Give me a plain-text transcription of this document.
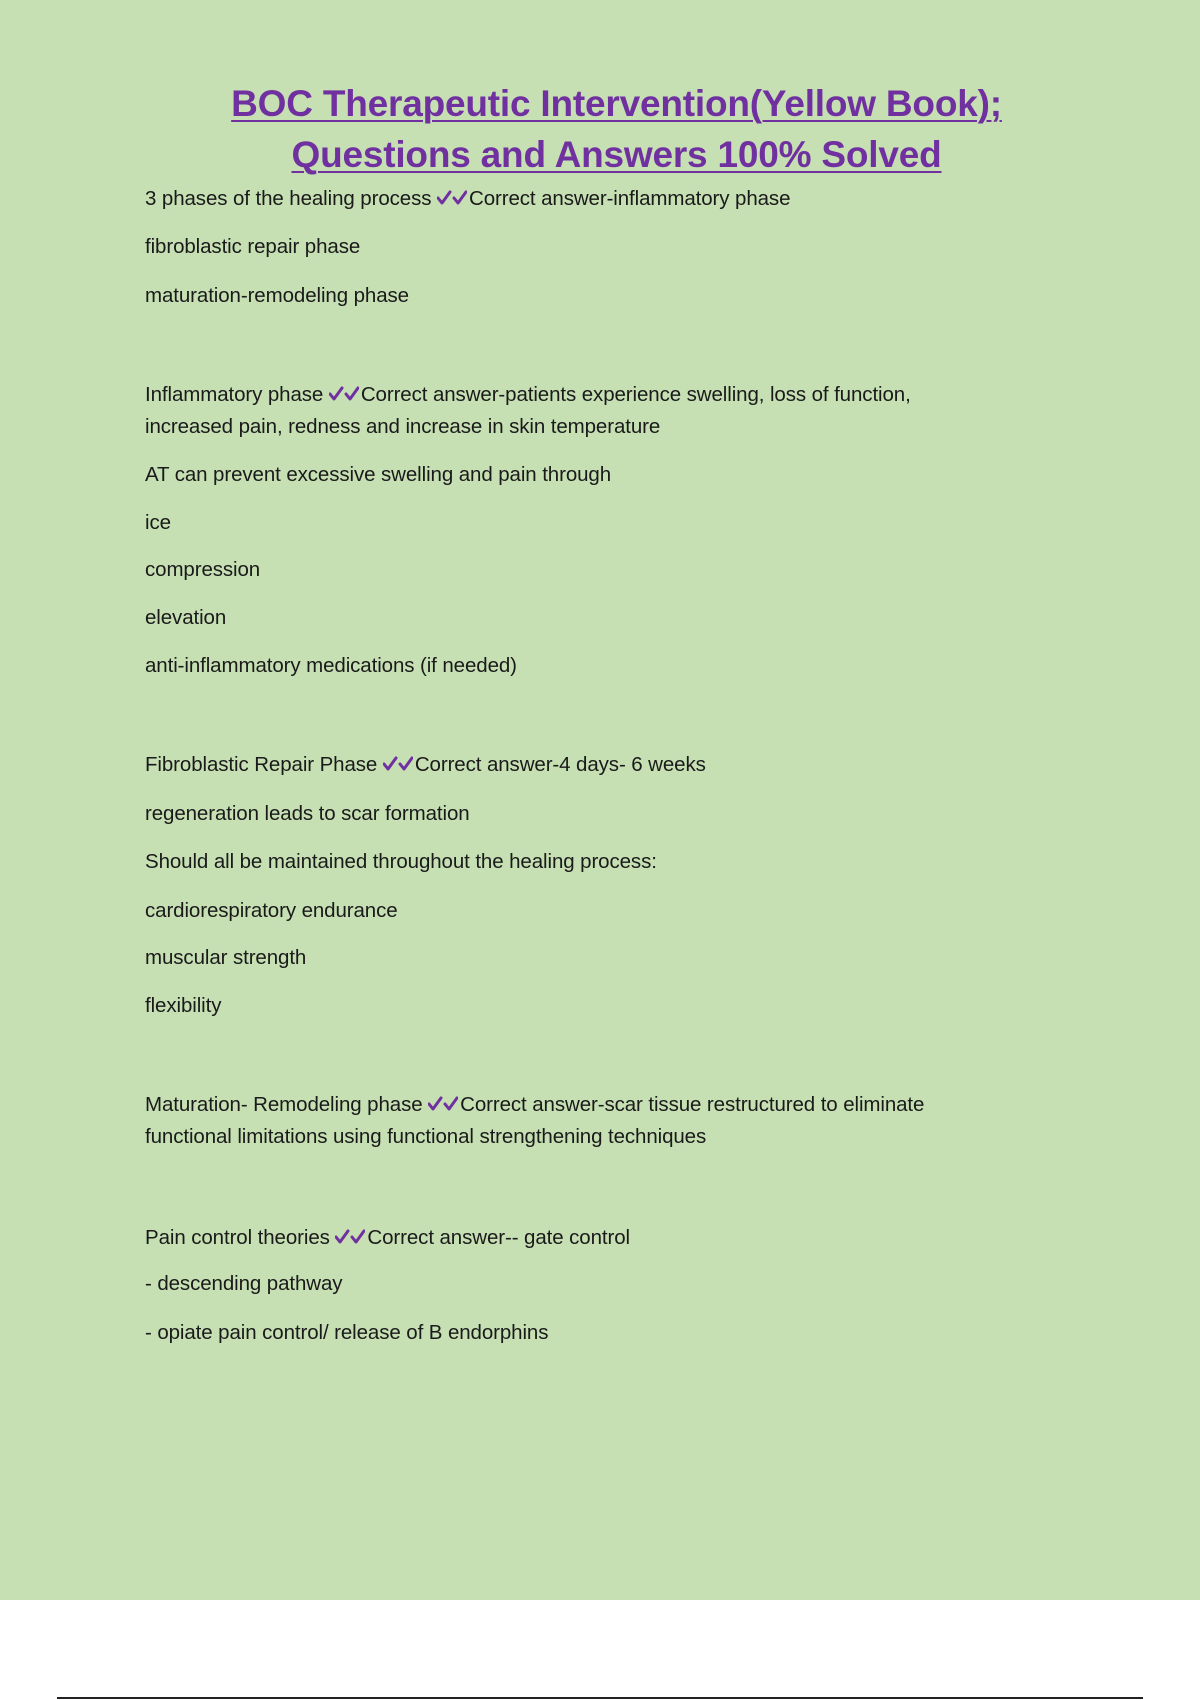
BOC Therapeutic Intervention(Yellow Book);
Questions and Answers 100% Solved
3 phases of the healing process Correct answer-inflammatory phase
fibroblastic repair phase
maturation-remodeling phase
Inflammatory phase Correct answer-patients experience swelling, loss of function,
increased pain, redness and increase in skin temperature
AT can prevent excessive swelling and pain through
ice
compression
elevation
anti-inflammatory medications (if needed)
Fibroblastic Repair Phase Correct answer-4 days- 6 weeks
regeneration leads to scar formation
Should all be maintained throughout the healing process:
cardiorespiratory endurance
muscular strength
flexibility
Maturation- Remodeling phase Correct answer-scar tissue restructured to eliminate
functional limitations using functional strengthening techniques
Pain control theories Correct answer-- gate control
- descending pathway
- opiate pain control/ release of B endorphins
